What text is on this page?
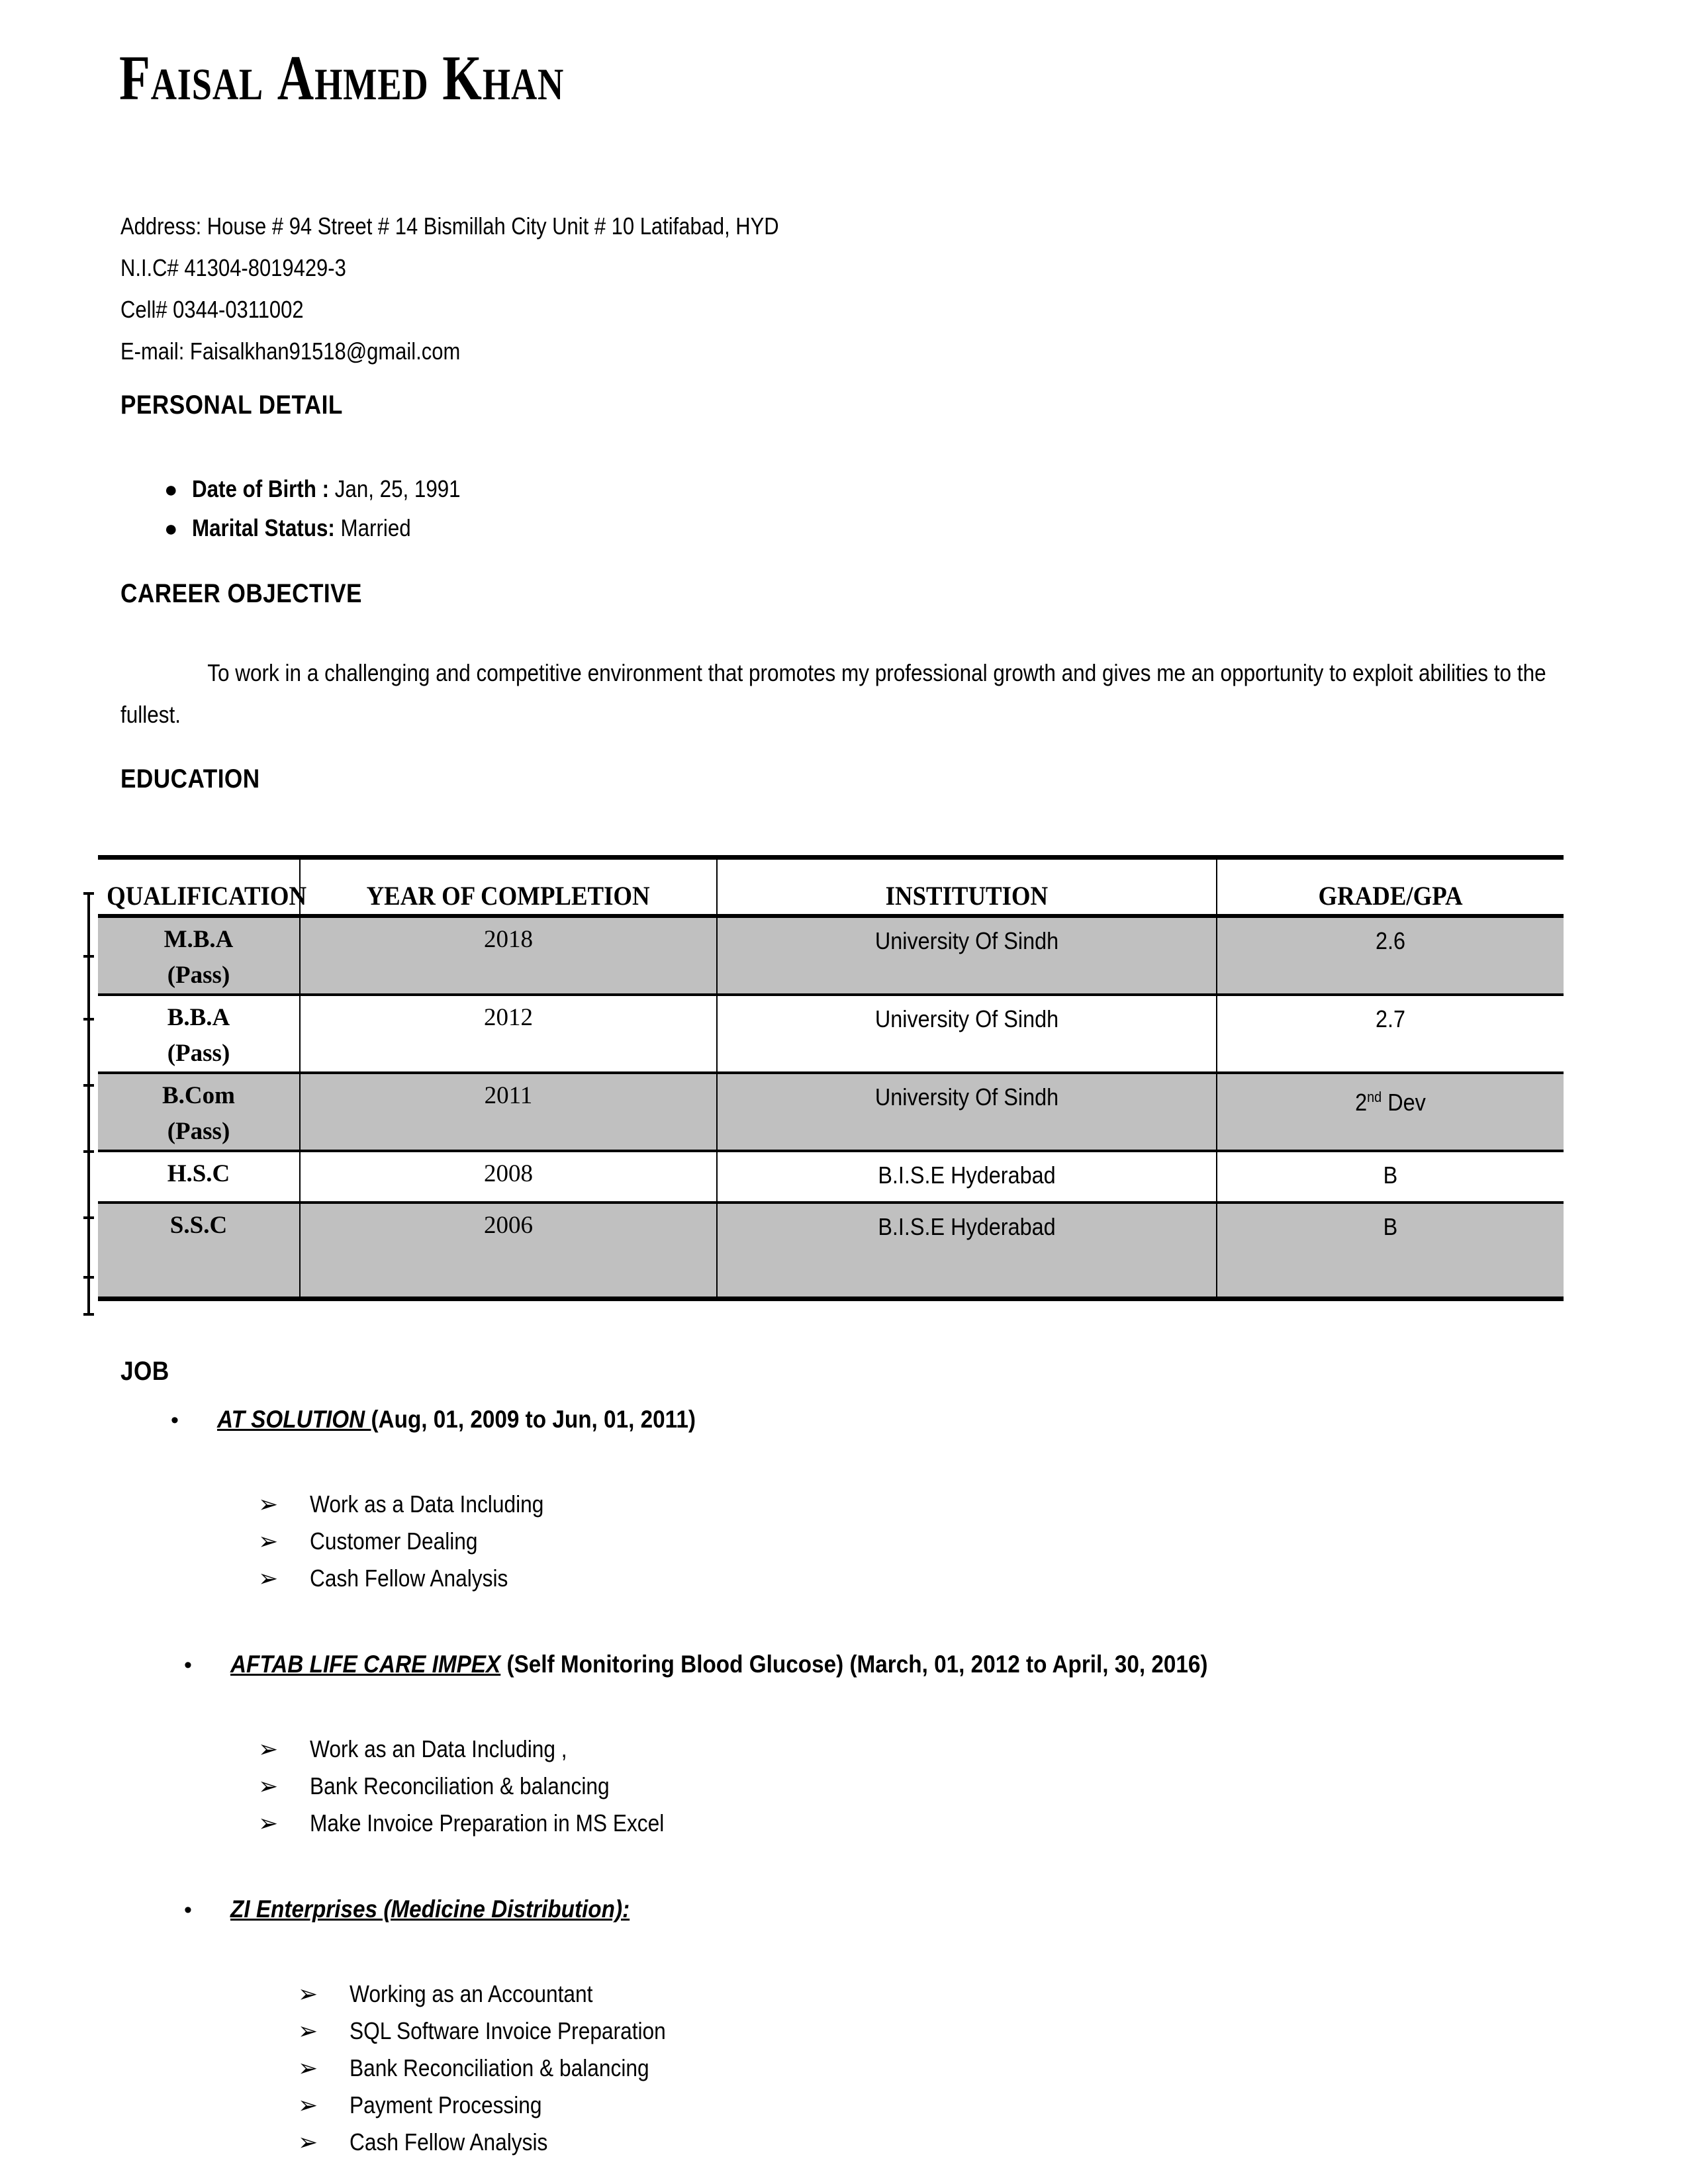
FAISAL AHMED KHAN
Address: House # 94 Street # 14 Bismillah City Unit # 10 Latifabad, HYD
N.I.C# 41304-8019429-3
Cell# 0344-0311002
E-mail: Faisalkhan91518@gmail.com
PERSONAL DETAIL
● Date of Birth : Jan, 25, 1991
● Marital Status: Married
CAREER OBJECTIVE
To work in a challenging and competitive environment that promotes my professional growth and gives me an opportunity to exploit abilities to the fullest.
EDUCATION
QUALIFICATION	YEAR OF COMPLETION	INSTITUTION	GRADE/GPA

M.B.A
(Pass)	2018	University Of Sindh	2.6

B.B.A
(Pass)	2012	University Of Sindh	2.7

B.Com
(Pass)	2011	University Of Sindh	2nd Dev

H.S.C	2008	B.I.S.E Hyderabad	B

S.S.C	2006	B.I.S.E Hyderabad	B
JOB
•	AT SOLUTION (Aug, 01, 2009 to Jun, 01, 2011)
➢	Work as a Data Including
➢	Customer Dealing
➢	Cash Fellow Analysis
•	AFTAB LIFE CARE IMPEX (Self Monitoring Blood Glucose) (March, 01, 2012 to April, 30, 2016)
➢	Work as an Data Including ,
➢	Bank Reconciliation & balancing
➢	Make Invoice Preparation in MS Excel
•	ZI Enterprises (Medicine Distribution):
➢	Working as an Accountant
➢	SQL Software Invoice Preparation
➢	Bank Reconciliation & balancing
➢	Payment Processing
➢	Cash Fellow Analysis
